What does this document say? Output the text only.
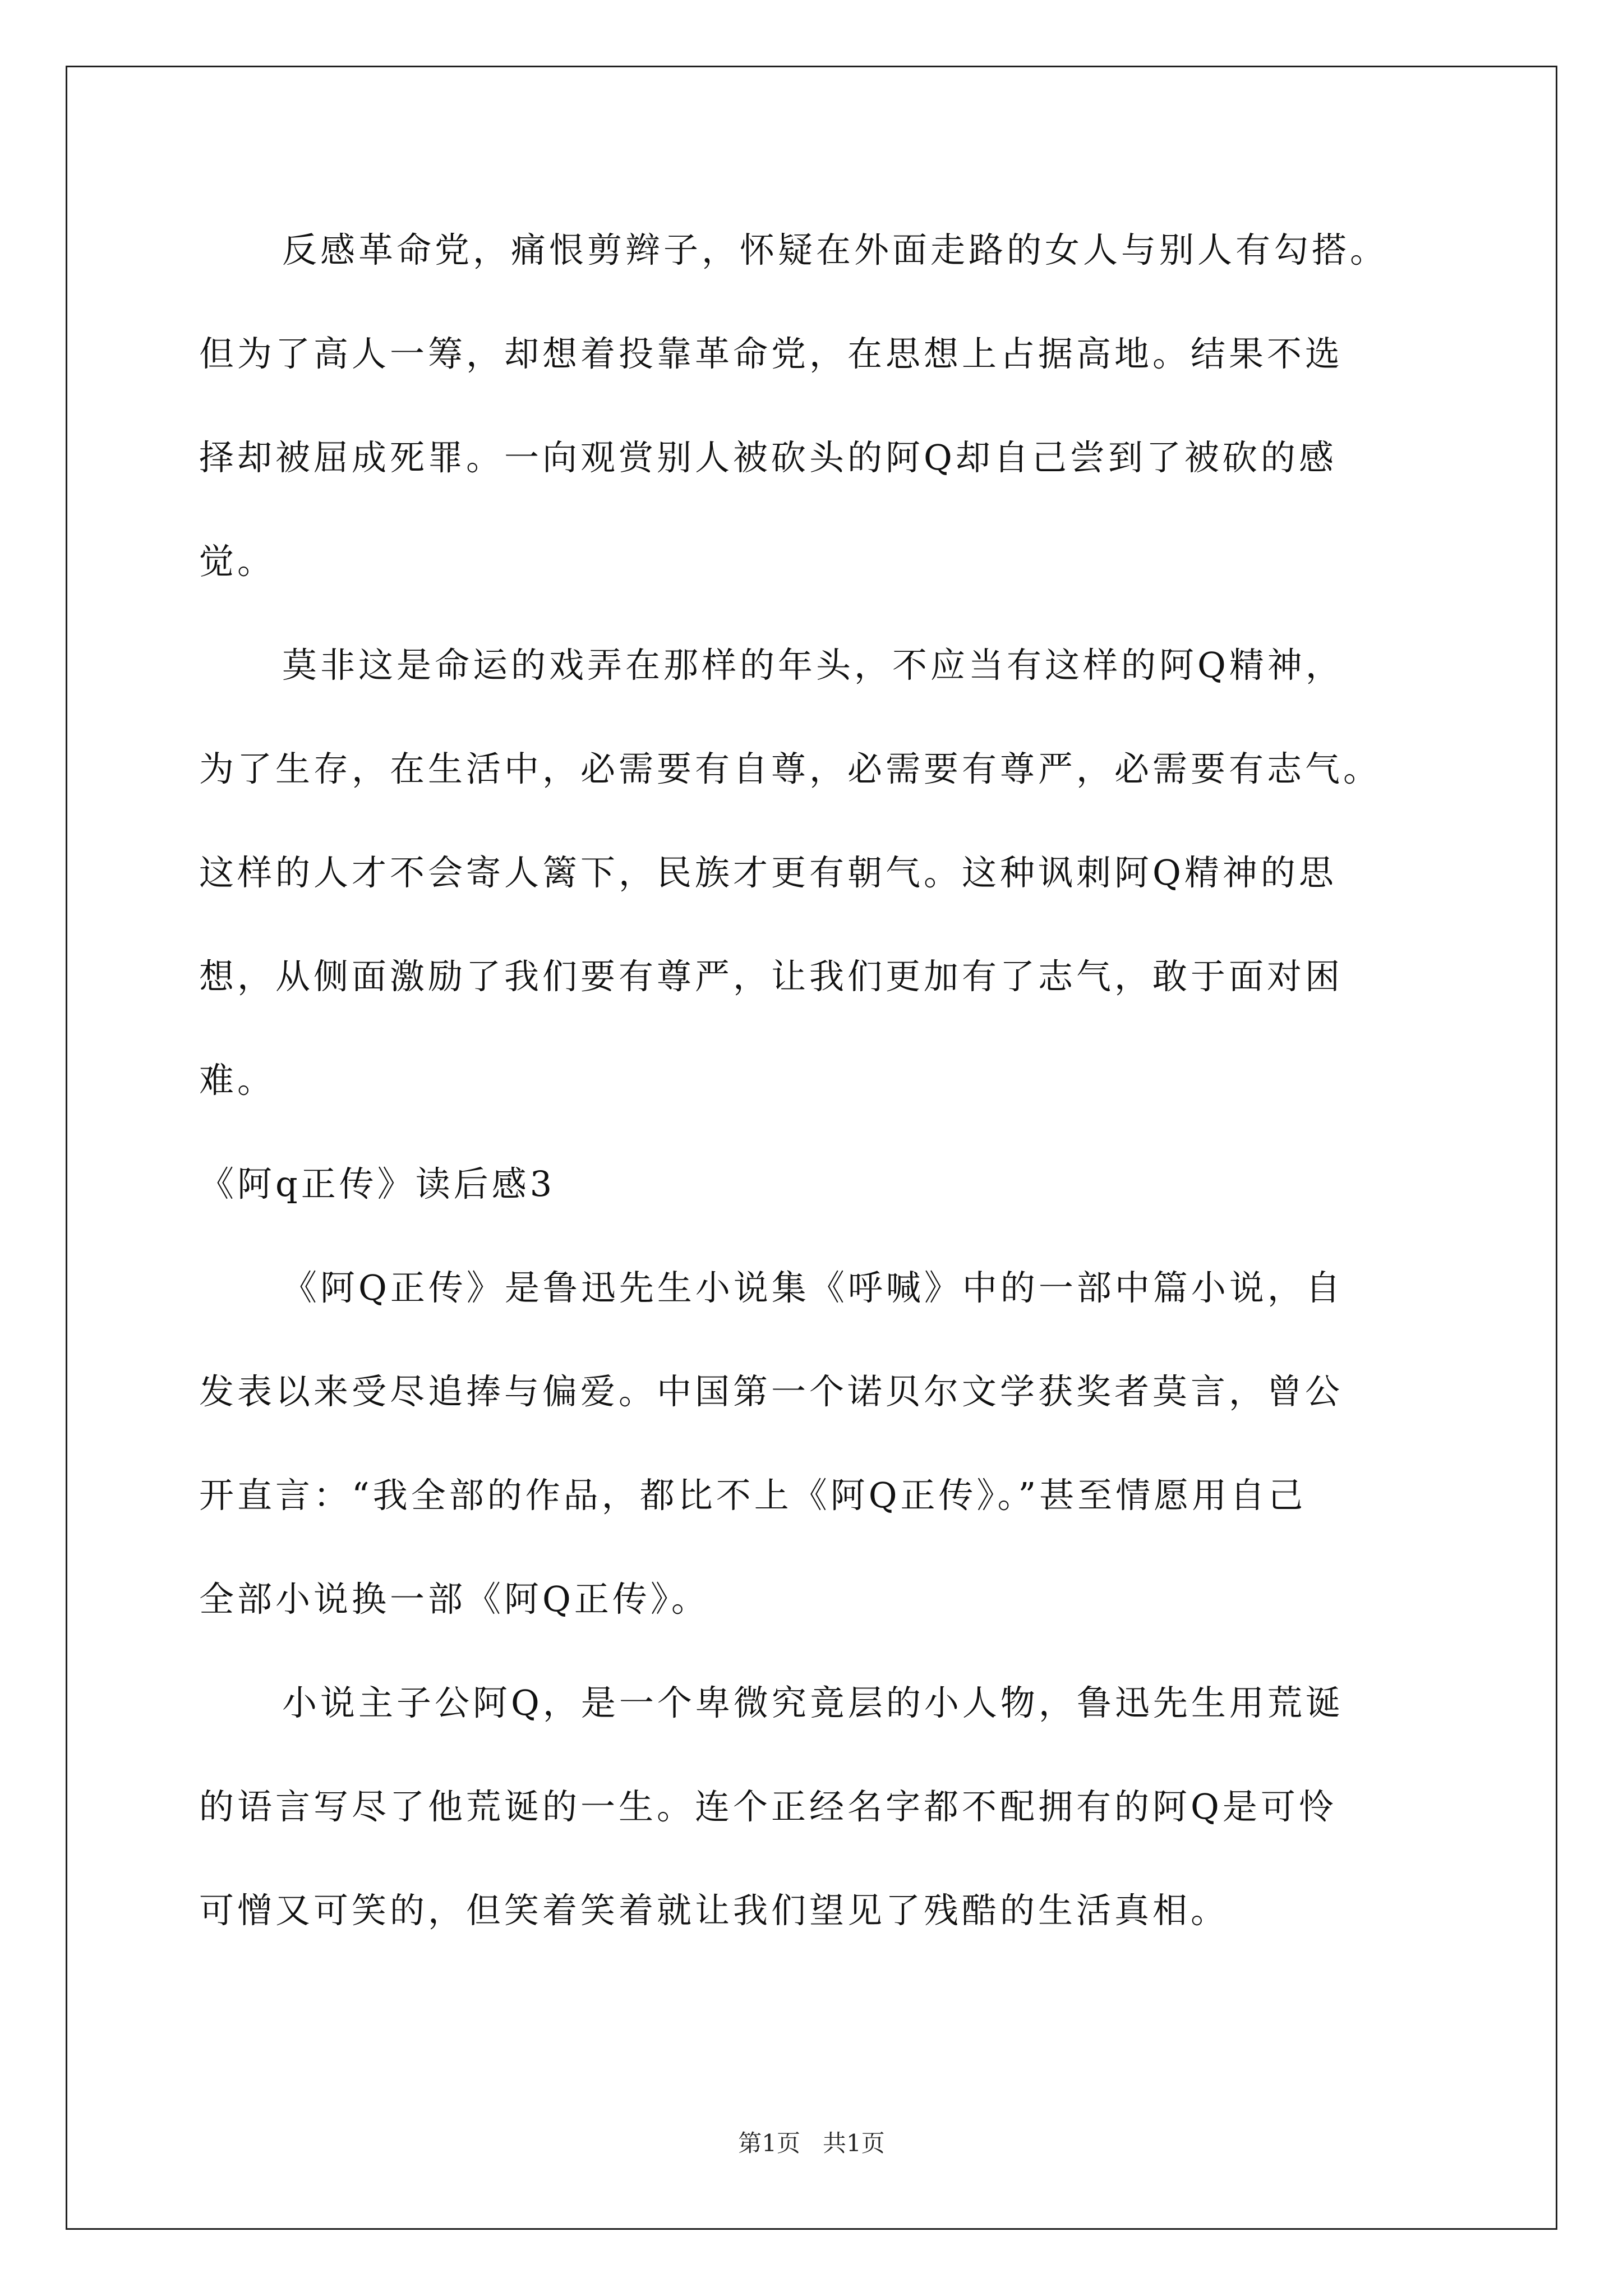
反感革命党，痛恨剪辫子，怀疑在外面走路的女人与别人有勾搭。
但为了高人一筹，却想着投靠革命党，在思想上占据高地。结果不选
择却被屈成死罪。一向观赏别人被砍头的阿Q却自己尝到了被砍的感
觉。
莫非这是命运的戏弄在那样的年头，不应当有这样的阿Q精神，
为了生存，在生活中，必需要有自尊，必需要有尊严，必需要有志气。
这样的人才不会寄人篱下，民族才更有朝气。这种讽刺阿Q精神的思
想，从侧面激励了我们要有尊严，让我们更加有了志气，敢于面对困
难。
《阿q正传》读后感3
《阿Q正传》是鲁迅先生小说集《呼喊》中的一部中篇小说，自
发表以来受尽追捧与偏爱。中国第一个诺贝尔文学获奖者莫言，曾公
开直言：“我全部的作品，都比不上《阿Q正传》。”甚至情愿用自己
全部小说换一部《阿Q正传》。
小说主子公阿Q，是一个卑微究竟层的小人物，鲁迅先生用荒诞
的语言写尽了他荒诞的一生。连个正经名字都不配拥有的阿Q是可怜
可憎又可笑的，但笑着笑着就让我们望见了残酷的生活真相。
第1页   共1页
